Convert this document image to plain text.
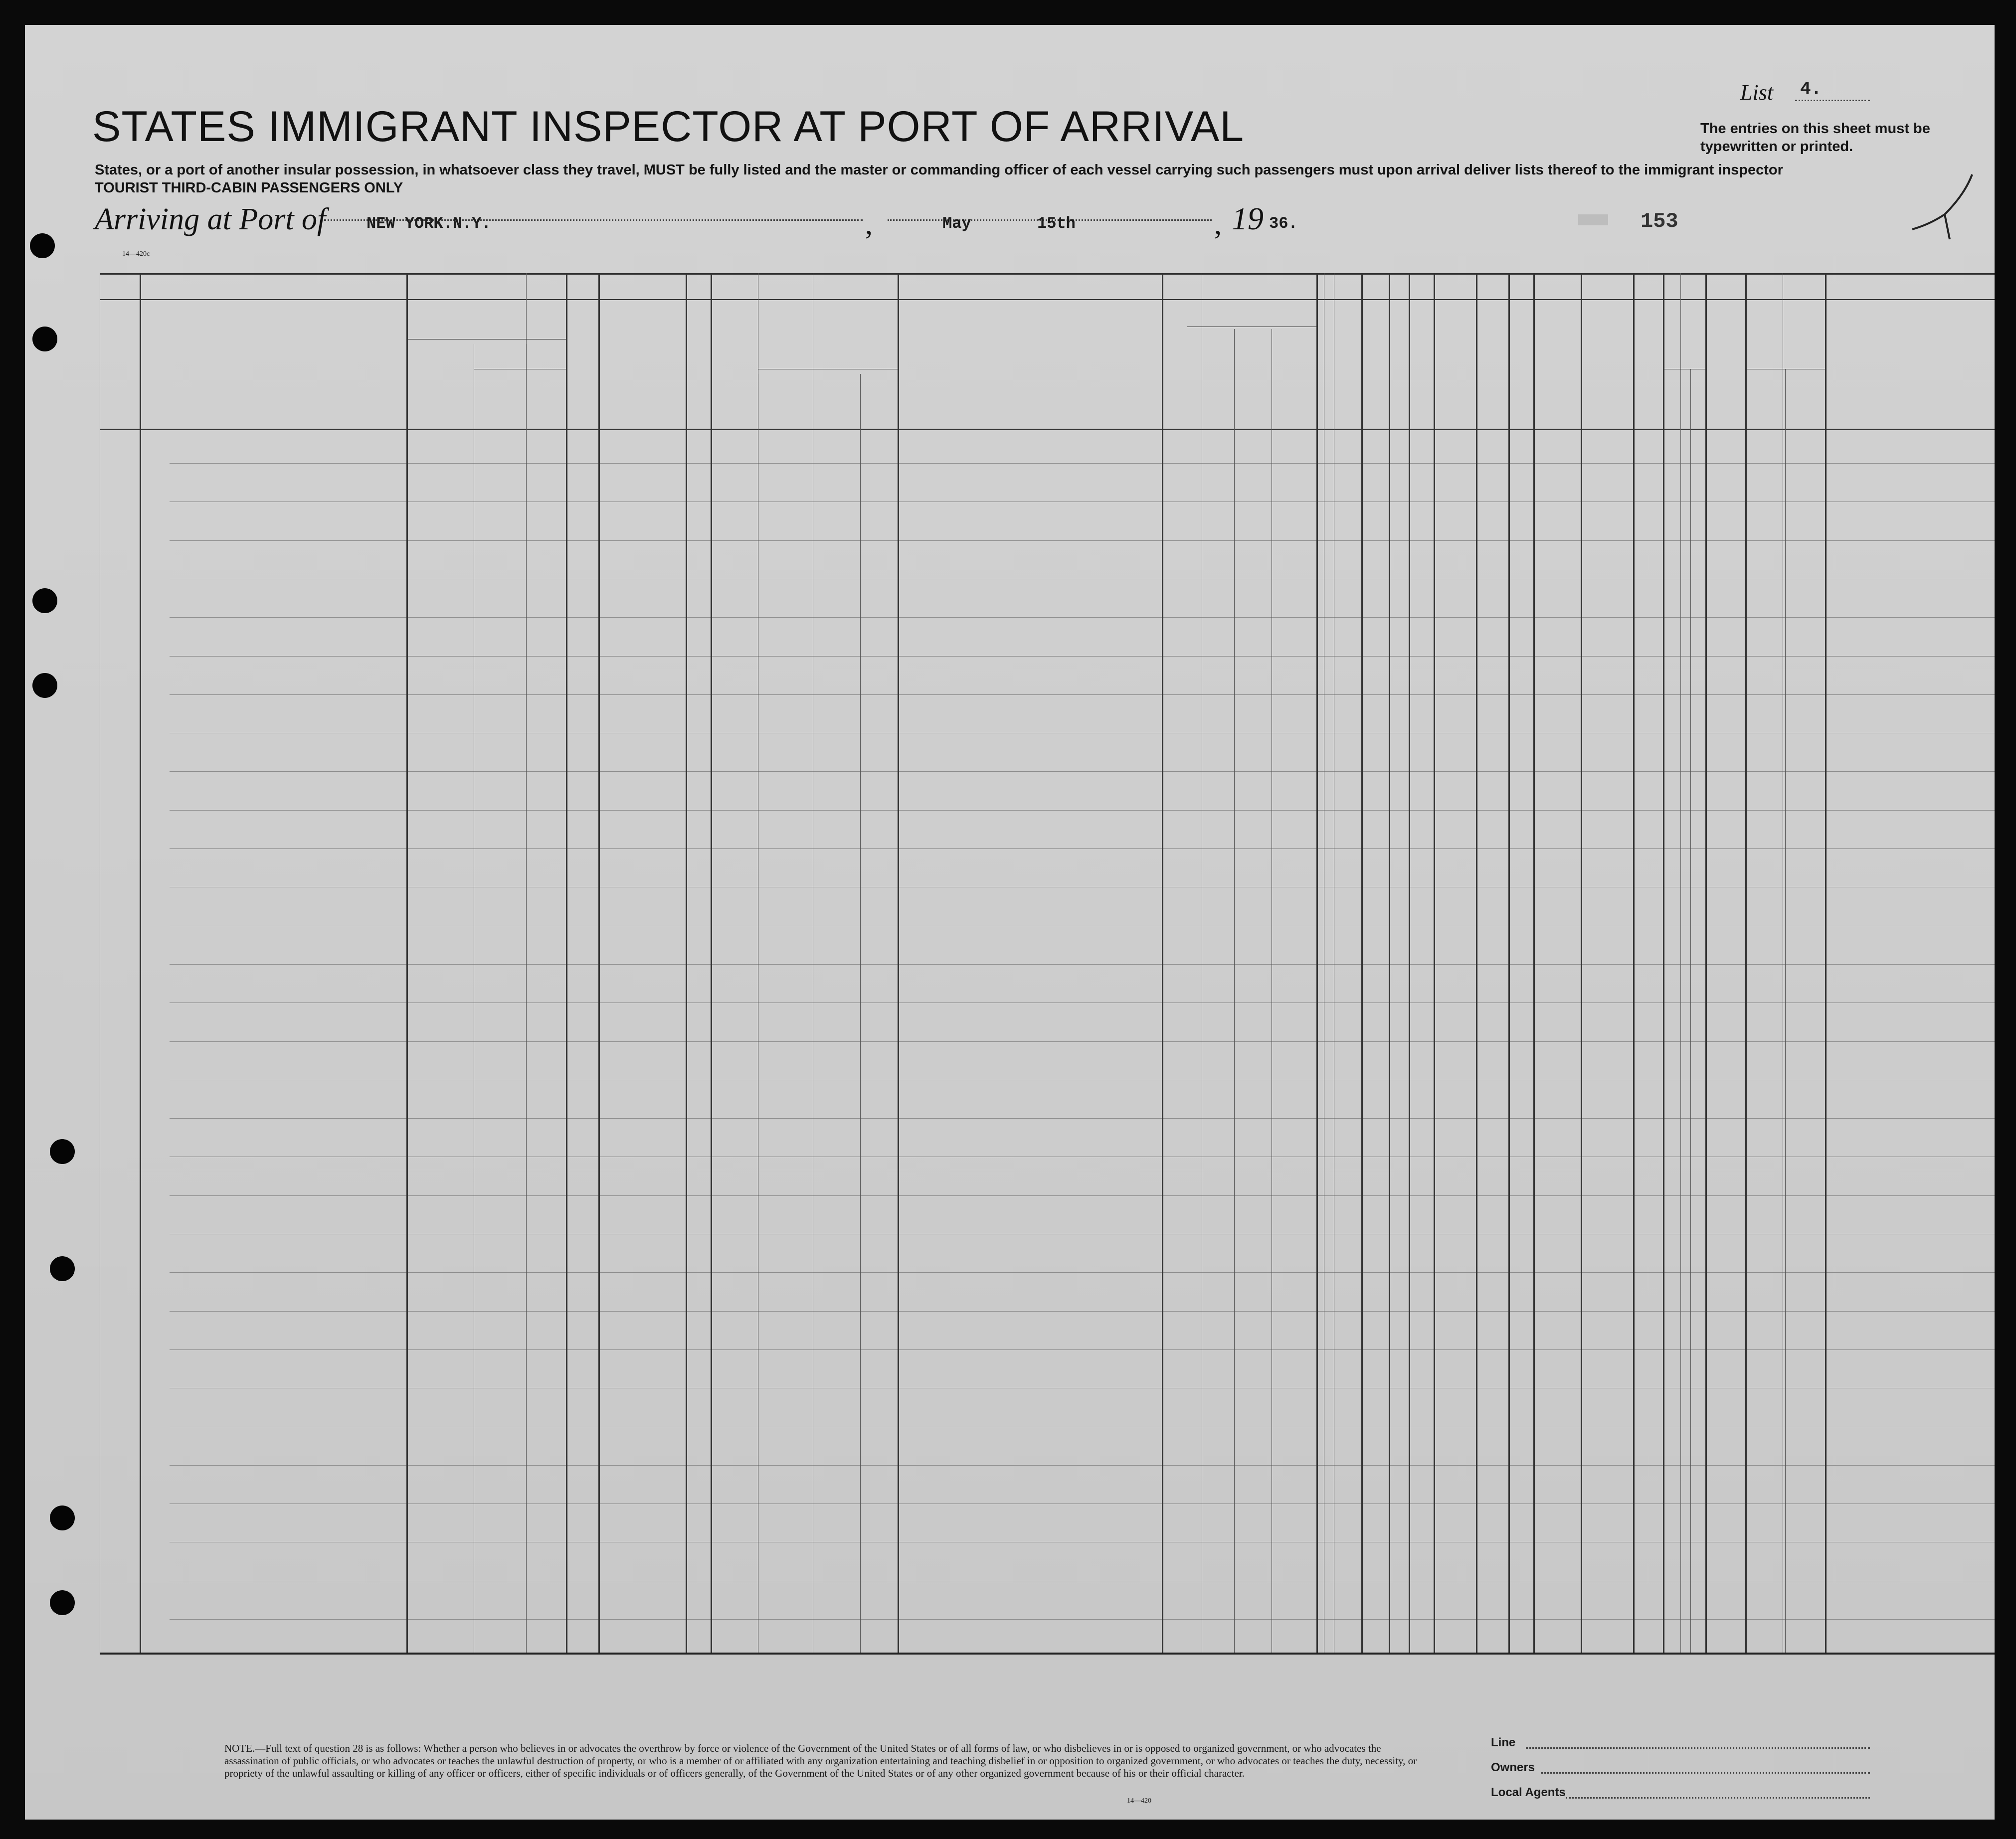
STATES IMMIGRANT INSPECTOR AT PORT OF ARRIVAL
States, or a port of another insular possession, in whatsoever class they travel, MUST be fully listed and the master or commanding officer of each vessel carrying such passengers must upon arrival deliver lists thereof to the immigrant inspector
TOURIST THIRD-CABIN PASSENGERS ONLY
List 4.
The entries on this sheet must be typewritten or printed.
Arriving at Port of	NEW YORK.N.Y.	,	May	15th	, 19 36.	153
14—420c
NOTE.—Full text of question 28 is as follows: Whether a person who believes in or advocates the overthrow by force or violence of the Government of the United States or of all forms of law, or who disbelieves in or is opposed to organized government, or who advocates the assassination of public officials, or who advocates or teaches the unlawful destruction of property, or who is a member of or affiliated with any organization entertaining and teaching disbelief in or opposition to organized government, or who advocates or teaches the duty, necessity, or propriety of the unlawful assaulting or killing of any officer or officers, either of specific individuals or of officers generally, of the Government of the United States or of any other organized government because of his or their official character.
14—420
Line
Owners
Local Agents
